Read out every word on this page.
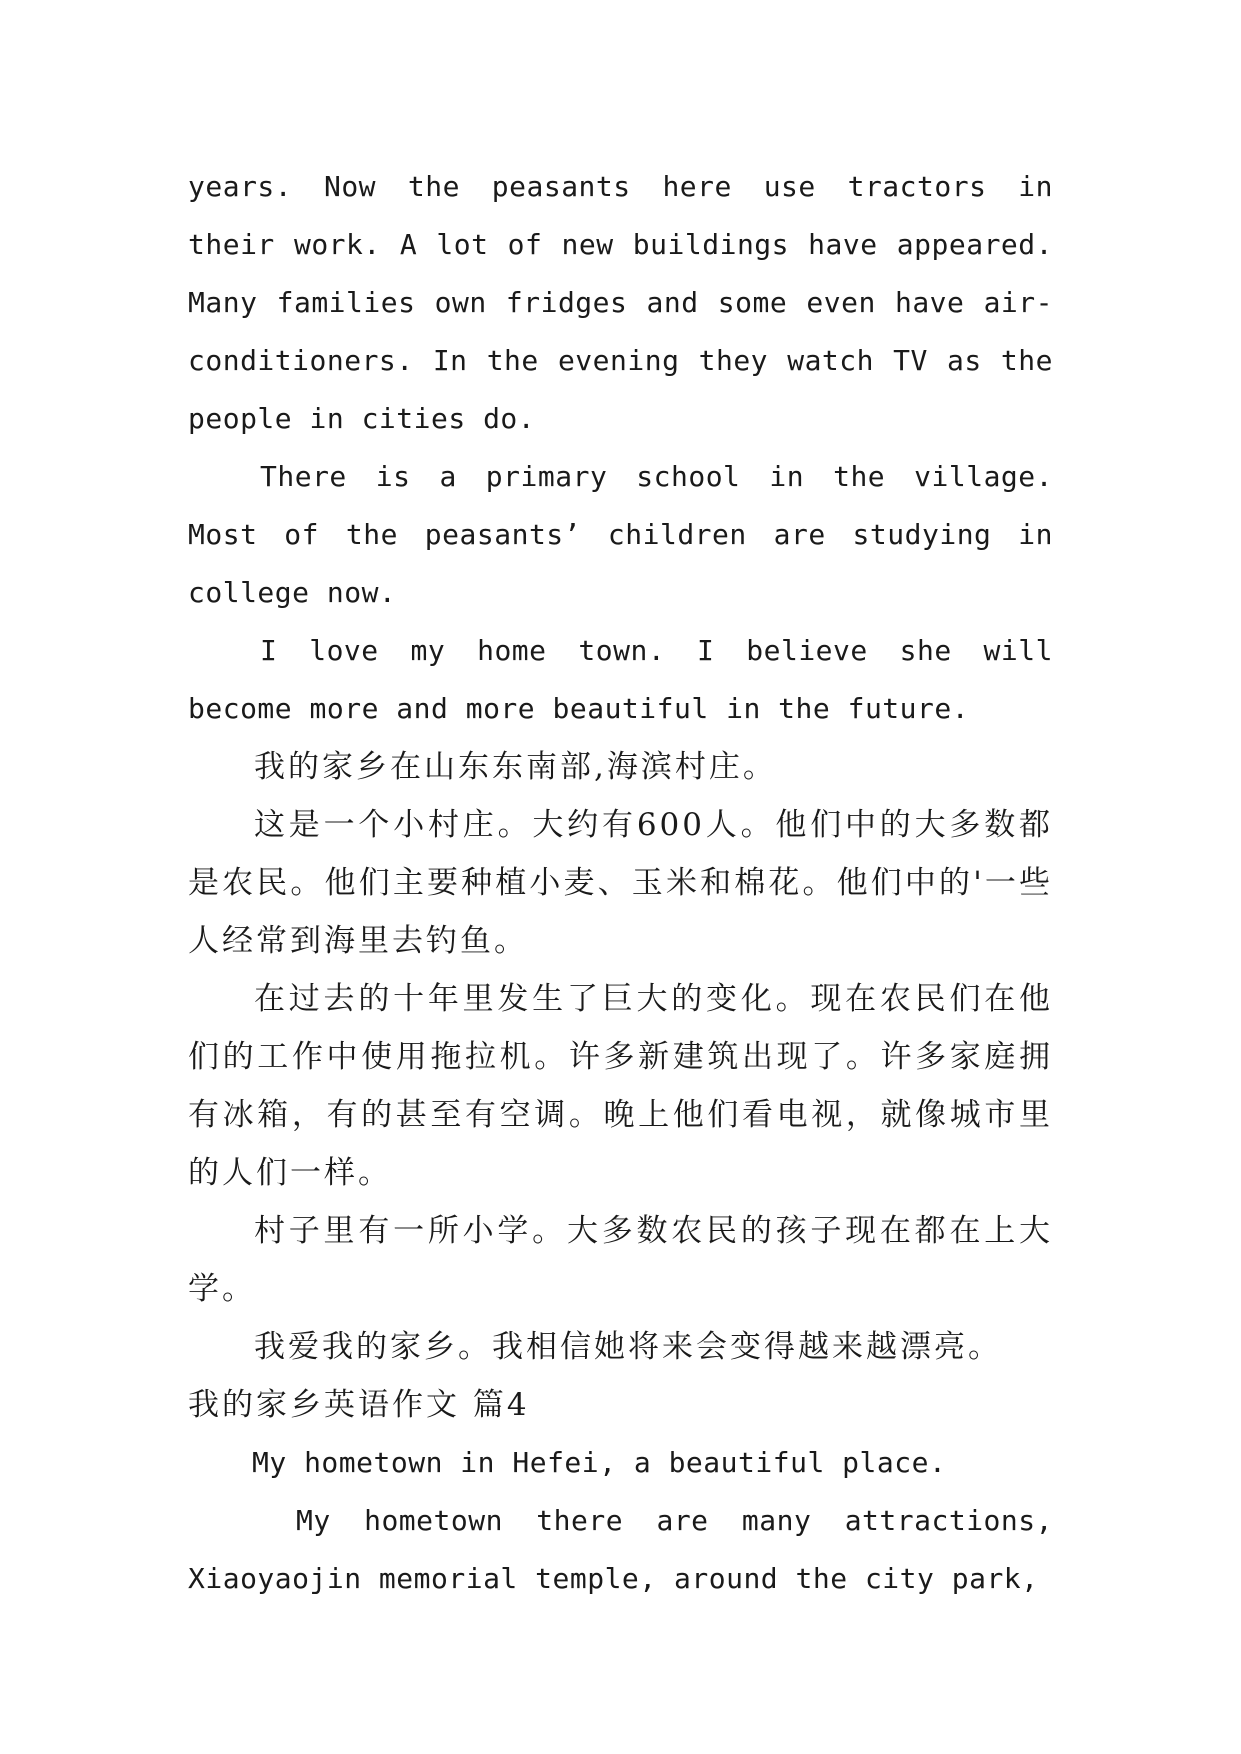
years. Now the peasants here use tractors in their work. A lot of new buildings have appeared. Many families own fridges and some even have air-conditioners. In the evening they watch TV as the people in cities do.

There is a primary school in the village. Most of the peasants’ children are studying in college now.

I love my home town. I believe she will become more and more beautiful in the future.

我的家乡在山东东南部,海滨村庄。

这是一个小村庄。大约有600人。他们中的大多数都是农民。他们主要种植小麦、玉米和棉花。他们中的'一些人经常到海里去钓鱼。

在过去的十年里发生了巨大的变化。现在农民们在他们的工作中使用拖拉机。许多新建筑出现了。许多家庭拥有冰箱，有的甚至有空调。晚上他们看电视，就像城市里的人们一样。

村子里有一所小学。大多数农民的孩子现在都在上大学。

我爱我的家乡。我相信她将来会变得越来越漂亮。

我的家乡英语作文 篇4

My hometown in Hefei, a beautiful place.

My hometown there are many attractions, Xiaoyaojin memorial temple, around the city park,
